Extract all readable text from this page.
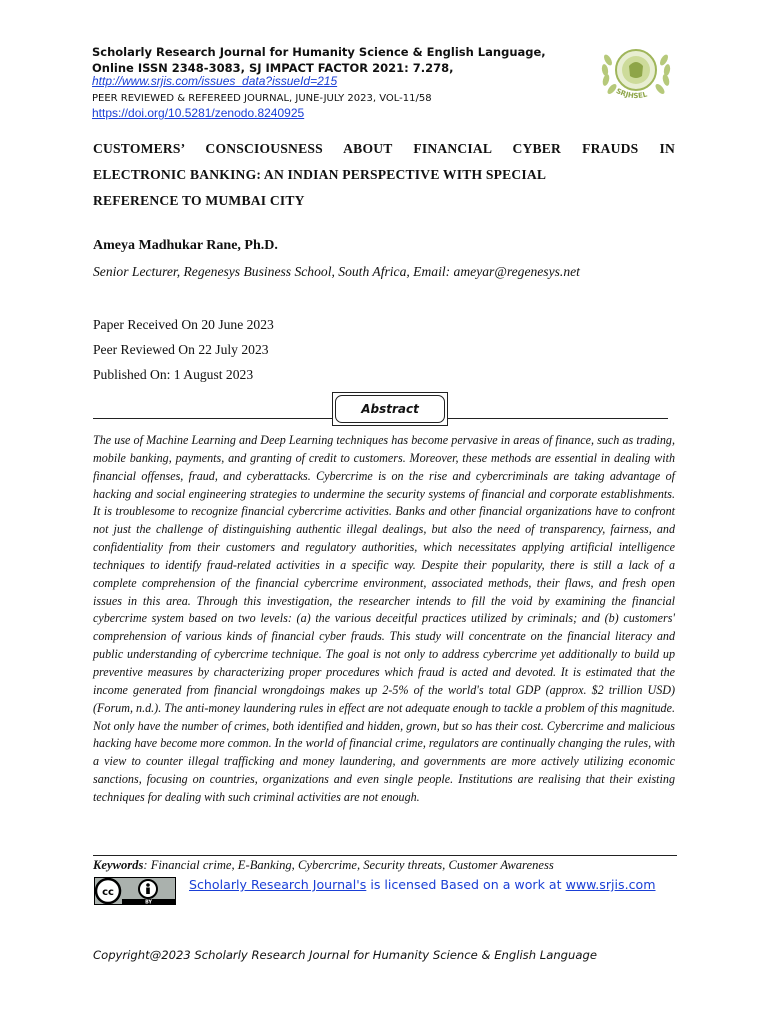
Scholarly Research Journal for Humanity Science & English Language,
Online ISSN 2348-3083, SJ IMPACT FACTOR 2021: 7.278,
http://www.srjis.com/issues_data?issueId=215
PEER REVIEWED & REFEREED JOURNAL, JUNE-JULY 2023, VOL-11/58
https://doi.org/10.5281/zenodo.8240925
SRJHSEL
CUSTOMERS’ CONSCIOUSNESS ABOUT FINANCIAL CYBER FRAUDS IN
ELECTRONIC BANKING: AN INDIAN PERSPECTIVE WITH SPECIAL
REFERENCE TO MUMBAI CITY
Ameya Madhukar Rane, Ph.D.
Senior Lecturer, Regenesys Business School, South Africa, Email: ameyar@regenesys.net
Paper Received On 20 June 2023
Peer Reviewed On 22 July 2023
Published On: 1 August 2023
Abstract
The use of Machine Learning and Deep Learning techniques has become pervasive in areas of finance, such as trading, mobile banking, payments, and granting of credit to customers. Moreover, these methods are essential in dealing with financial offenses, fraud, and cyberattacks. Cybercrime is on the rise and cybercriminals are taking advantage of hacking and social engineering strategies to undermine the security systems of financial and corporate establishments. It is troublesome to recognize financial cybercrime activities. Banks and other financial organizations have to confront not just the challenge of distinguishing authentic illegal dealings, but also the need of transparency, fairness, and confidentiality from their customers and regulatory authorities, which necessitates applying artificial intelligence techniques to identify fraud-related activities in a specific way. Despite their popularity, there is still a lack of a complete comprehension of the financial cybercrime environment, associated methods, their flaws, and fresh open issues in this area. Through this investigation, the researcher intends to fill the void by examining the financial cybercrime system based on two levels: (a) the various deceitful practices utilized by criminals; and (b) customers' comprehension of various kinds of financial cyber frauds. This study will concentrate on the financial literacy and public understanding of cybercrime technique. The goal is not only to address cybercrime yet additionally to build up preventive measures by characterizing proper procedures which fraud is acted and devoted. It is estimated that the income generated from financial wrongdoings makes up 2-5% of the world's total GDP (approx. $2 trillion USD) (Forum, n.d.). The anti-money laundering rules in effect are not adequate enough to tackle a problem of this magnitude. Not only have the number of crimes, both identified and hidden, grown, but so has their cost. Cybercrime and malicious hacking have become more common. In the world of financial crime, regulators are continually changing the rules, with a view to counter illegal trafficking and money laundering, and governments are more actively utilizing economic sanctions, focusing on countries, organizations and even single people. Institutions are realising that their existing techniques for dealing with such criminal activities are not enough.
Keywords: Financial crime, E-Banking, Cybercrime, Security threats, Customer Awareness
cc
BY
Scholarly Research Journal's is licensed Based on a work at www.srjis.com
Copyright@2023 Scholarly Research Journal for Humanity Science & English Language
